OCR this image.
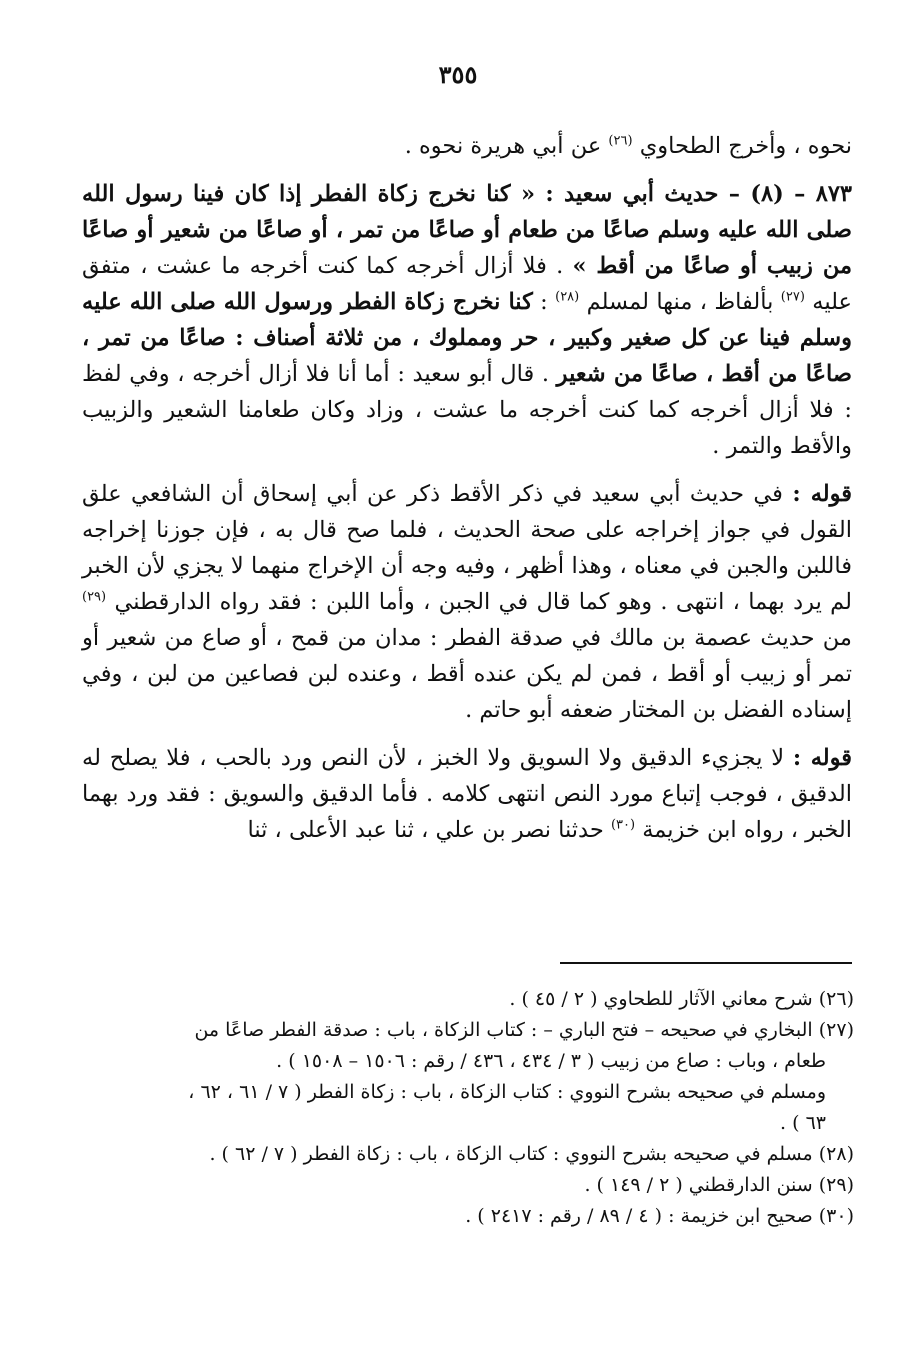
٣٥٥

نحوه ، وأخرج الطحاوي $^{(٢٦)}$ عن أبي هريرة نحوه .

٨٧٣ – (٨) – حديث أبي سعيد : « كنا نخرج زكاة الفطر إذا كان فينا رسول الله صلى الله عليه وسلم صاعًا من طعام أو صاعًا من تمر ، أو صاعًا من شعير أو صاعًا من زبيب أو صاعًا من أقط » . فلا أزال أخرجه كما كنت أخرجه ما عشت ، متفق عليه $^{(٢٧)}$ بألفاظ ، منها لمسلم $^{(٢٨)}$ : كنا نخرج زكاة الفطر ورسول الله صلى الله عليه وسلم فينا عن كل صغير وكبير ، حر ومملوك ، من ثلاثة أصناف : صاعًا من تمر ، صاعًا من أقط ، صاعًا من شعير . قال أبو سعيد : أما أنا فلا أزال أخرجه ، وفي لفظ : فلا أزال أخرجه كما كنت أخرجه ما عشت ، وزاد وكان طعامنا الشعير والزبيب والأقط والتمر .

قوله : في حديث أبي سعيد في ذكر الأقط ذكر عن أبي إسحاق أن الشافعي علق القول في جواز إخراجه على صحة الحديث ، فلما صح قال به ، فإن جوزنا إخراجه فاللبن والجبن في معناه ، وهذا أظهر ، وفيه وجه أن الإخراج منهما لا يجزي لأن الخبر لم يرد بهما ، انتهى . وهو كما قال في الجبن ، وأما اللبن : فقد رواه الدارقطني $^{(٢٩)}$ من حديث عصمة بن مالك في صدقة الفطر : مدان من قمح ، أو صاع من شعير أو تمر أو زبيب أو أقط ، فمن لم يكن عنده أقط ، وعنده لبن فصاعين من لبن ، وفي إسناده الفضل بن المختار ضعفه أبو حاتم .

قوله : لا يجزيء الدقيق ولا السويق ولا الخبز ، لأن النص ورد بالحب ، فلا يصلح له الدقيق ، فوجب إتباع مورد النص انتهى كلامه . فأما الدقيق والسويق : فقد ورد بهما الخبر ، رواه ابن خزيمة $^{(٣٠)}$ حدثنا نصر بن علي ، ثنا عبد الأعلى ، ثنا

(٢٦) شرح معاني الآثار للطحاوي ( ٢ / ٤٥ ) .

(٢٧) البخاري في صحيحه – فتح الباري – : كتاب الزكاة ، باب : صدقة الفطر صاعًا من

طعام ، وباب : صاع من زبيب ( ٣ / ٤٣٤ ، ٤٣٦ / رقم : ١٥٠٦ – ١٥٠٨ ) .

ومسلم في صحيحه بشرح النووي : كتاب الزكاة ، باب : زكاة الفطر ( ٧ / ٦١ ، ٦٢ ،

٦٣ ) .

(٢٨) مسلم في صحيحه بشرح النووي : كتاب الزكاة ، باب : زكاة الفطر ( ٧ / ٦٢ ) .

(٢٩) سنن الدارقطني ( ٢ / ١٤٩ ) .

(٣٠) صحيح ابن خزيمة : ( ٤ / ٨٩ / رقم : ٢٤١٧ ) .
